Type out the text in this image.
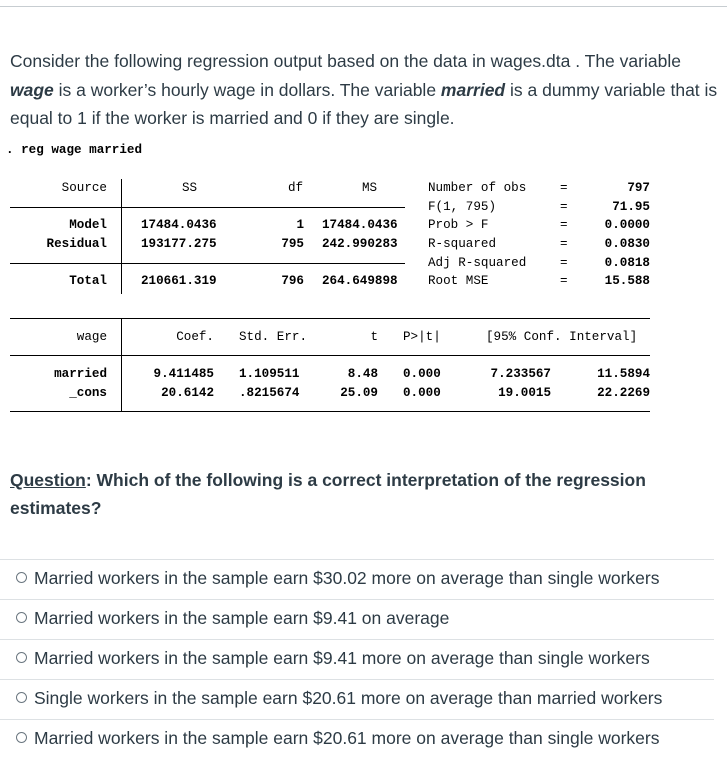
Consider the following regression output based on the data in wages.dta . The variable wage is a worker’s hourly wage in dollars. The variable married is a dummy variable that is equal to 1 if the worker is married and 0 if they are single.

. reg wage married
Source	SS	df	MS
Model	17484.0436	1 17484.0436
Residual	193177.275	795 242.990283
Total	210661.319	796 264.649898
Number of obs	=	797
F(1, 795)	=	71.95
Prob > F	=	0.0000
R-squared	=	0.0830
Adj R-squared	=	0.0818
Root MSE	=	15.588
wage	Coef. Std. Err.	t P>|t|	[95% Conf. Interval]
married	9.411485 1.109511	8.48 0.000	7.233567	11.5894
_cons	20.6142 .8215674	25.09 0.000	19.0015	22.2269

Question: Which of the following is a correct interpretation of the regression estimates?

Married workers in the sample earn $30.02 more on average than single workers
Married workers in the sample earn $9.41 on average
Married workers in the sample earn $9.41 more on average than single workers
Single workers in the sample earn $20.61 more on average than married workers
Married workers in the sample earn $20.61 more on average than single workers
